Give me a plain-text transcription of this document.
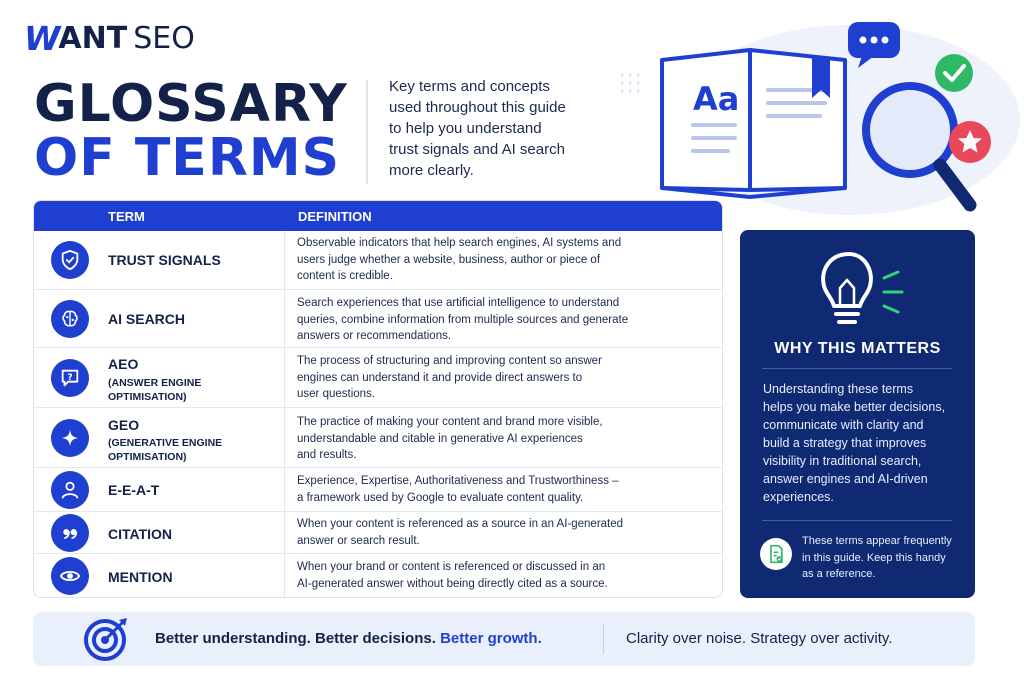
W ANT SEO
GLOSSARY
OF TERMS
Key terms and concepts
used throughout this guide
to help you understand
trust signals and AI search
more clearly.
Aa
TERM	DEFINITION
TRUST SIGNALS
Observable indicators that help search engines, AI systems and
users judge whether a website, business, author or piece of
content is credible.
AI SEARCH
Search experiences that use artificial intelligence to understand
queries, combine information from multiple sources and generate
answers or recommendations.
?
AEO
(ANSWER ENGINE
OPTIMISATION)
The process of structuring and improving content so answer
engines can understand it and provide direct answers to
user questions.
GEO
(GENERATIVE ENGINE
OPTIMISATION)
The practice of making your content and brand more visible,
understandable and citable in generative AI experiences
and results.
E-E-A-T
Experience, Expertise, Authoritativeness and Trustworthiness –
a framework used by Google to evaluate content quality.
CITATION
When your content is referenced as a source in an AI-generated
answer or search result.
MENTION
When your brand or content is referenced or discussed in an
AI-generated answer without being directly cited as a source.
WHY THIS MATTERS
Understanding these terms
helps you make better decisions,
communicate with clarity and
build a strategy that improves
visibility in traditional search,
answer engines and AI-driven
experiences.
These terms appear frequently
in this guide. Keep this handy
as a reference.
Better understanding. Better decisions. Better growth.	Clarity over noise. Strategy over activity.
